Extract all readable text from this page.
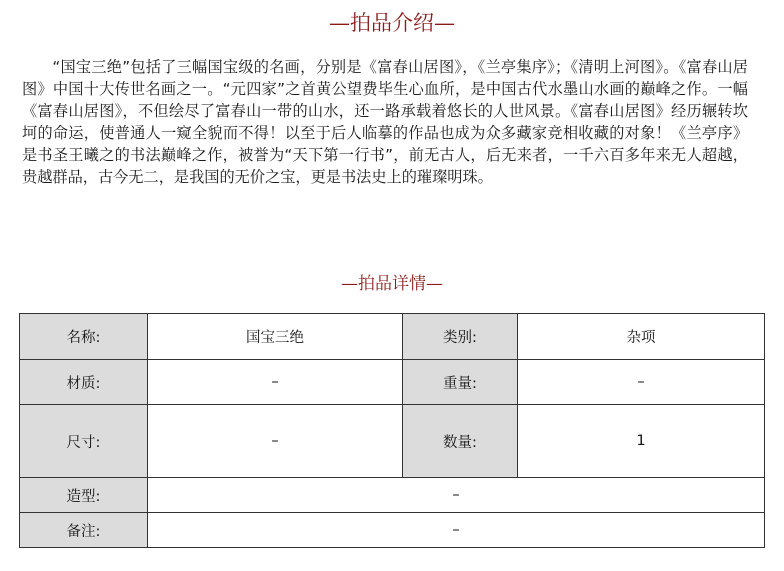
—拍品介绍—

“国宝三绝”包括了三幅国宝级的名画，分别是《富春山居图》，《兰亭集序》；《清明上河图》。《富春山居图》中国十大传世名画之一。“元四家”之首黄公望费毕生心血所，是中国古代水墨山水画的巅峰之作。一幅《富春山居图》，不但绘尽了富春山一带的山水，还一路承载着悠长的人世风景。《富春山居图》经历辗转坎坷的命运，使普通人一窥全貌而不得！以至于后人临摹的作品也成为众多藏家竞相收藏的对象！《兰亭序》是书圣王曦之的书法巅峰之作，被誉为“天下第一行书”，前无古人，后无来者，一千六百多年来无人超越，贵越群品，古今无二，是我国的无价之宝，更是书法史上的璀璨明珠。

—拍品详情—
名称:	国宝三绝	类别:	杂项
材质:	–	重量:	–
尺寸:	–	数量:	1
造型:	–		
备注:	–		
